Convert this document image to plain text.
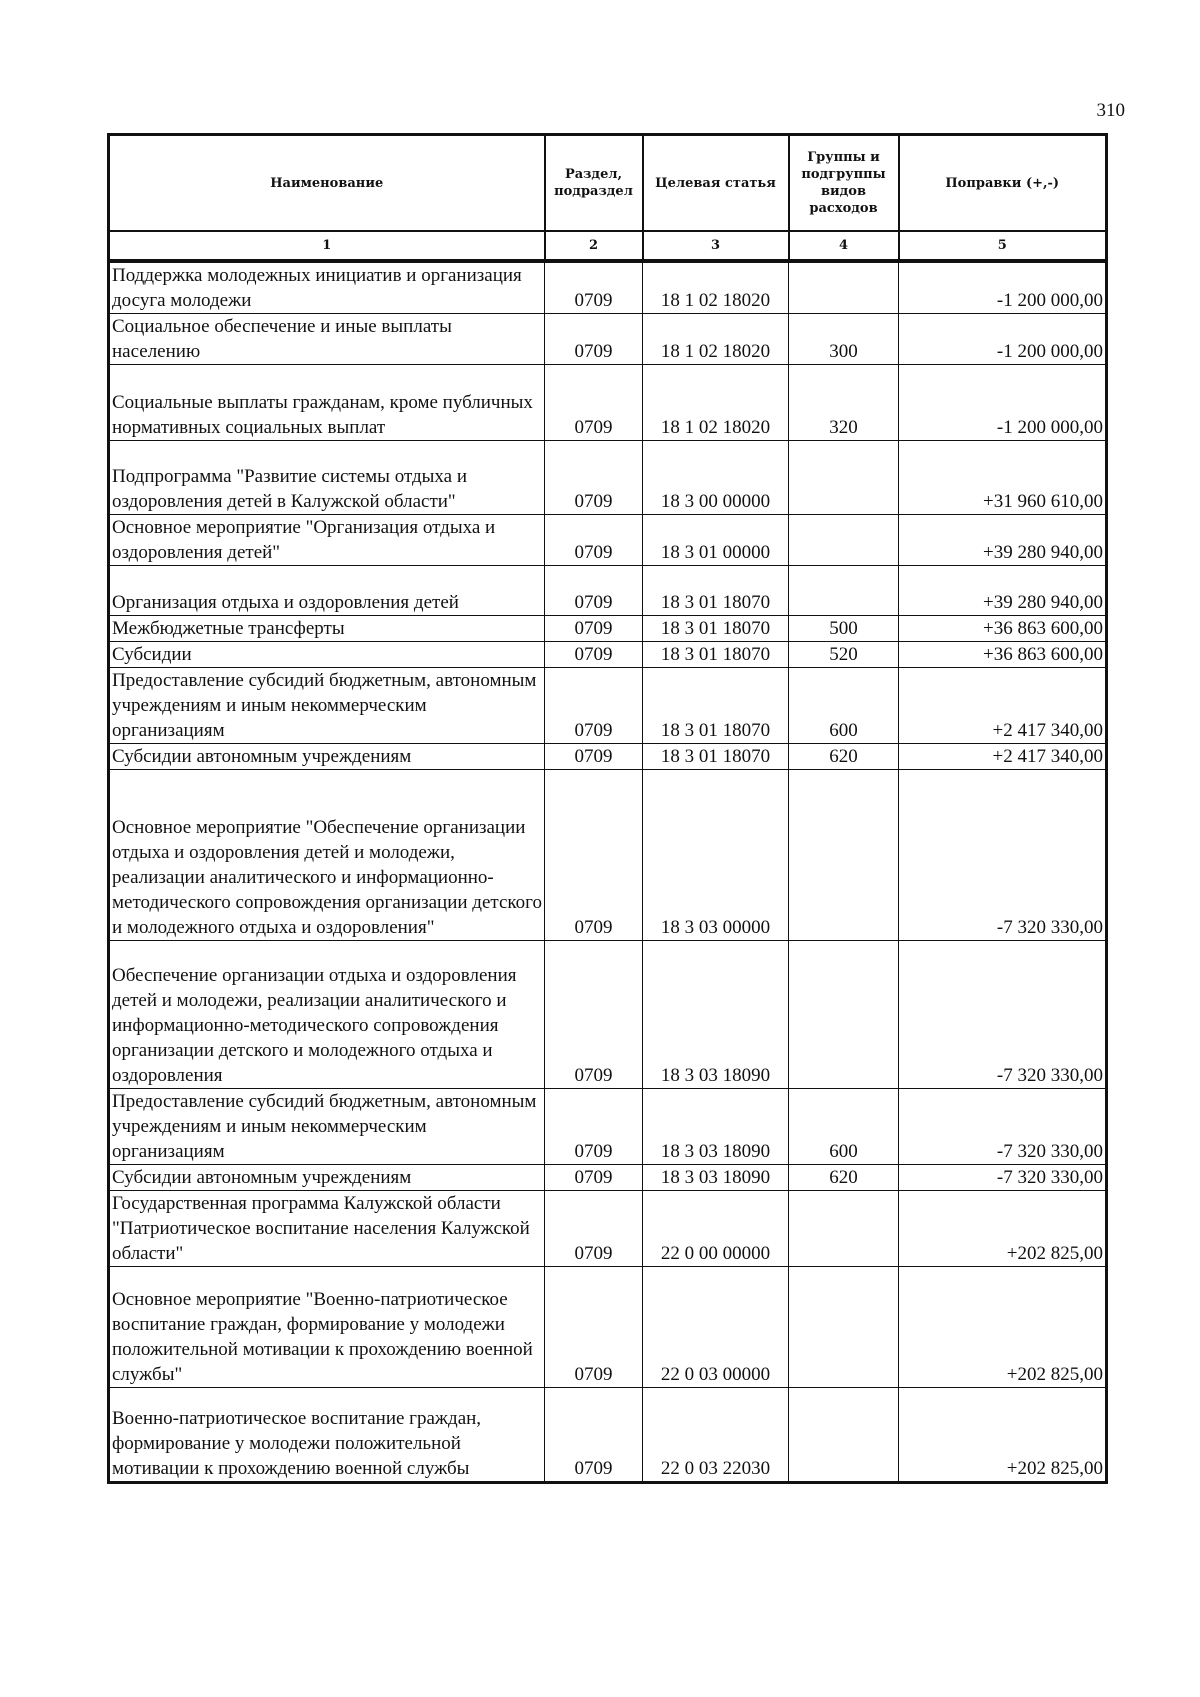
310
Наименование	Раздел, подраздел	Целевая статья	Группы и подгруппы видов расходов	Поправки (+,-)
1	2	3	4	5
Поддержка молодежных инициатив и организация досуга молодежи	0709	18 1 02 18020		-1 200 000,00
Социальное обеспечение и иные выплаты населению	0709	18 1 02 18020	300	-1 200 000,00
Социальные выплаты гражданам, кроме публичных нормативных социальных выплат	0709	18 1 02 18020	320	-1 200 000,00
Подпрограмма "Развитие системы отдыха и оздоровления детей в Калужской области"	0709	18 3 00 00000		+31 960 610,00
Основное мероприятие "Организация отдыха и оздоровления детей"	0709	18 3 01 00000		+39 280 940,00
Организация отдыха и оздоровления детей	0709	18 3 01 18070		+39 280 940,00
Межбюджетные трансферты	0709	18 3 01 18070	500	+36 863 600,00
Субсидии	0709	18 3 01 18070	520	+36 863 600,00
Предоставление субсидий бюджетным, автономным учреждениям и иным некоммерческим организациям	0709	18 3 01 18070	600	+2 417 340,00
Субсидии автономным учреждениям	0709	18 3 01 18070	620	+2 417 340,00
Основное мероприятие "Обеспечение организации отдыха и оздоровления детей и молодежи, реализации аналитического и информационно-методического сопровождения организации детского и молодежного отдыха и оздоровления"	0709	18 3 03 00000		-7 320 330,00
Обеспечение организации отдыха и оздоровления детей и молодежи, реализации аналитического и информационно-методического сопровождения организации детского и молодежного отдыха и оздоровления	0709	18 3 03 18090		-7 320 330,00
Предоставление субсидий бюджетным, автономным учреждениям и иным некоммерческим организациям	0709	18 3 03 18090	600	-7 320 330,00
Субсидии автономным учреждениям	0709	18 3 03 18090	620	-7 320 330,00
Государственная программа Калужской области "Патриотическое воспитание населения Калужской области"	0709	22 0 00 00000		+202 825,00
Основное мероприятие "Военно-патриотическое воспитание граждан, формирование у молодежи положительной мотивации к прохождению военной службы"	0709	22 0 03 00000		+202 825,00
Военно-патриотическое воспитание граждан, формирование у молодежи положительной мотивации к прохождению военной службы	0709	22 0 03 22030		+202 825,00
